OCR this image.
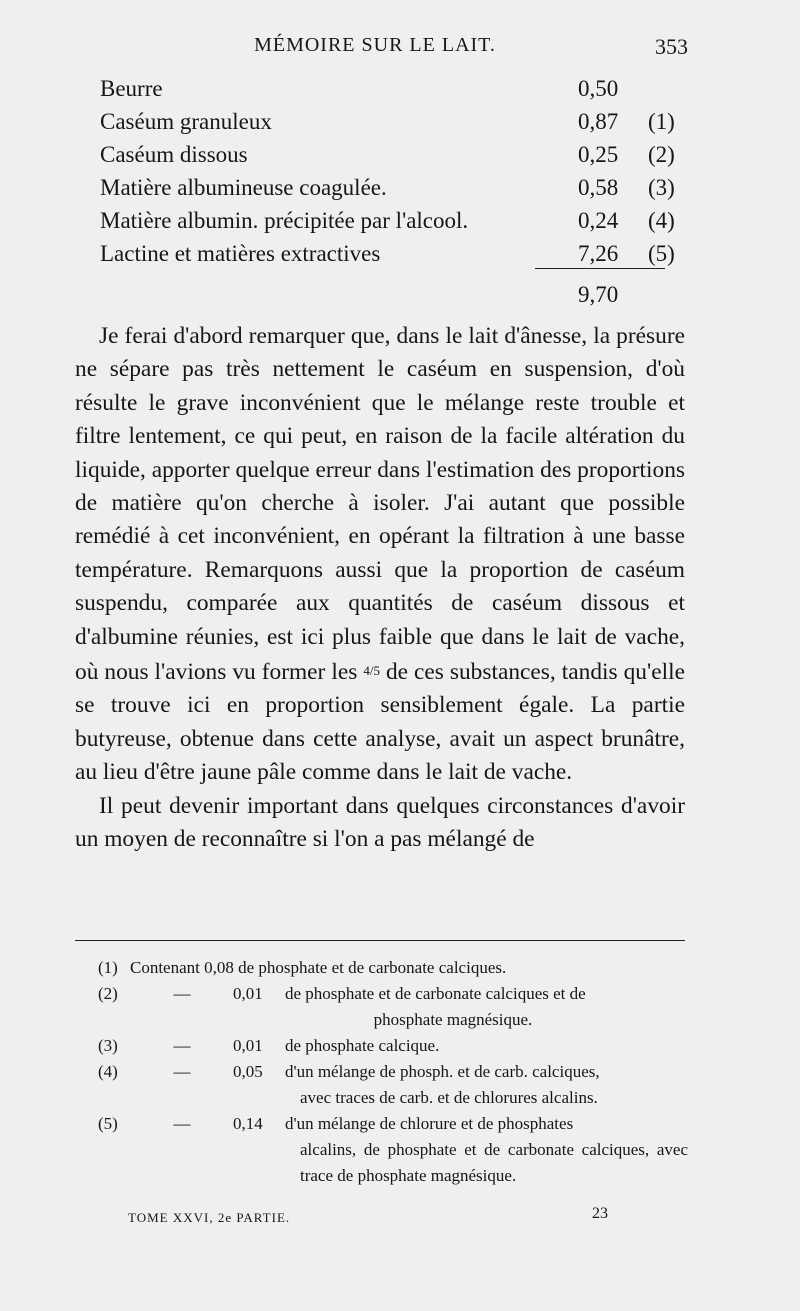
MÉMOIRE SUR LE LAIT.	353
Beurre	0,50
Caséum granuleux	0,87	(1)
Caséum dissous	0,25	(2)
Matière albumineuse coagulée.	0,58	(3)
Matière albumin. précipitée par l'alcool.	0,24	(4)
Lactine et matières extractives	7,26	(5)
9,70

Je ferai d'abord remarquer que, dans le lait d'ânesse, la présure ne sépare pas très nettement le caséum en suspension, d'où résulte le grave inconvénient que le mélange reste trouble et filtre lentement, ce qui peut, en raison de la facile altération du liquide, apporter quelque erreur dans l'estimation des proportions de matière qu'on cherche à isoler. J'ai autant que possible remédié à cet inconvénient, en opérant la filtration à une basse température. Remarquons aussi que la proportion de caséum suspendu, comparée aux quantités de caséum dissous et d'albumine réunies, est ici plus faible que dans le lait de vache, où nous l'avions vu former les 4/5 de ces substances, tandis qu'elle se trouve ici en proportion sensiblement égale. La partie butyreuse, obtenue dans cette analyse, avait un aspect brunâtre, au lieu d'être jaune pâle comme dans le lait de vache.

Il peut devenir important dans quelques circonstances d'avoir un moyen de reconnaître si l'on a pas mélangé de

(1) Contenant 0,08 de phosphate et de carbonate calciques.
(2)	—	0,01 de phosphate et de carbonate calciques et de
phosphate magnésique.
(3)	—	0,01 de phosphate calcique.
(4)	—	0,05 d'un mélange de phosph. et de carb. calciques,
avec traces de carb. et de chlorures alcalins.
(5)	—	0,14 d'un mélange de chlorure et de phosphates
alcalins, de phosphate et de carbonate calciques, avec trace de phosphate magnésique.
TOME XXVI, 2e PARTIE.	23
